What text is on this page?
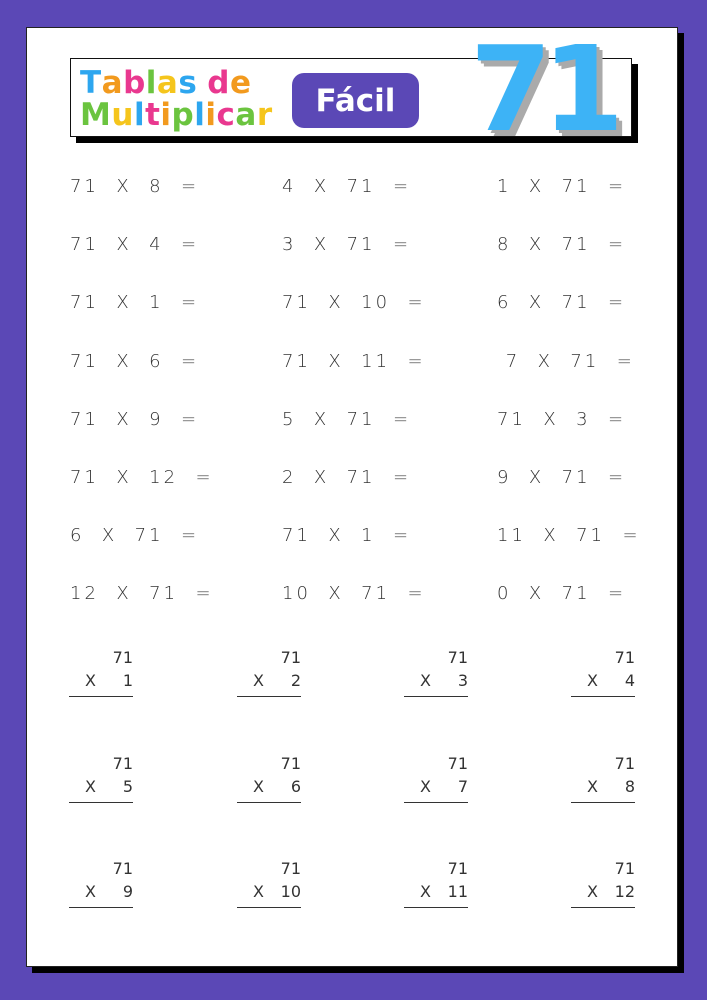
Tablas de
Multiplicar	Fácil 71
71  X  8  =
71  X  4  =
71  X  1  =
71  X  6  =
71  X  9  =
71  X  12  =
6  X  71  =
12  X  71  =
4  X  71  =
3  X  71  =
71  X  10  =
71  X  11  =
5  X  71  =
2  X  71  =
71  X  1  =
10  X  71  =
1  X  71  =
8  X  71  =
6  X  71  =
7  X  71  =
71  X  3  =
9  X  71  =
11  X  71  =
0  X  71  =
71
X 1
71
X 2
71
X 3
71
X 4
71
X 5
71
X 6
71
X 7
71
X 8
71
X 9
71
X 10
71
X 11
71
X 12
